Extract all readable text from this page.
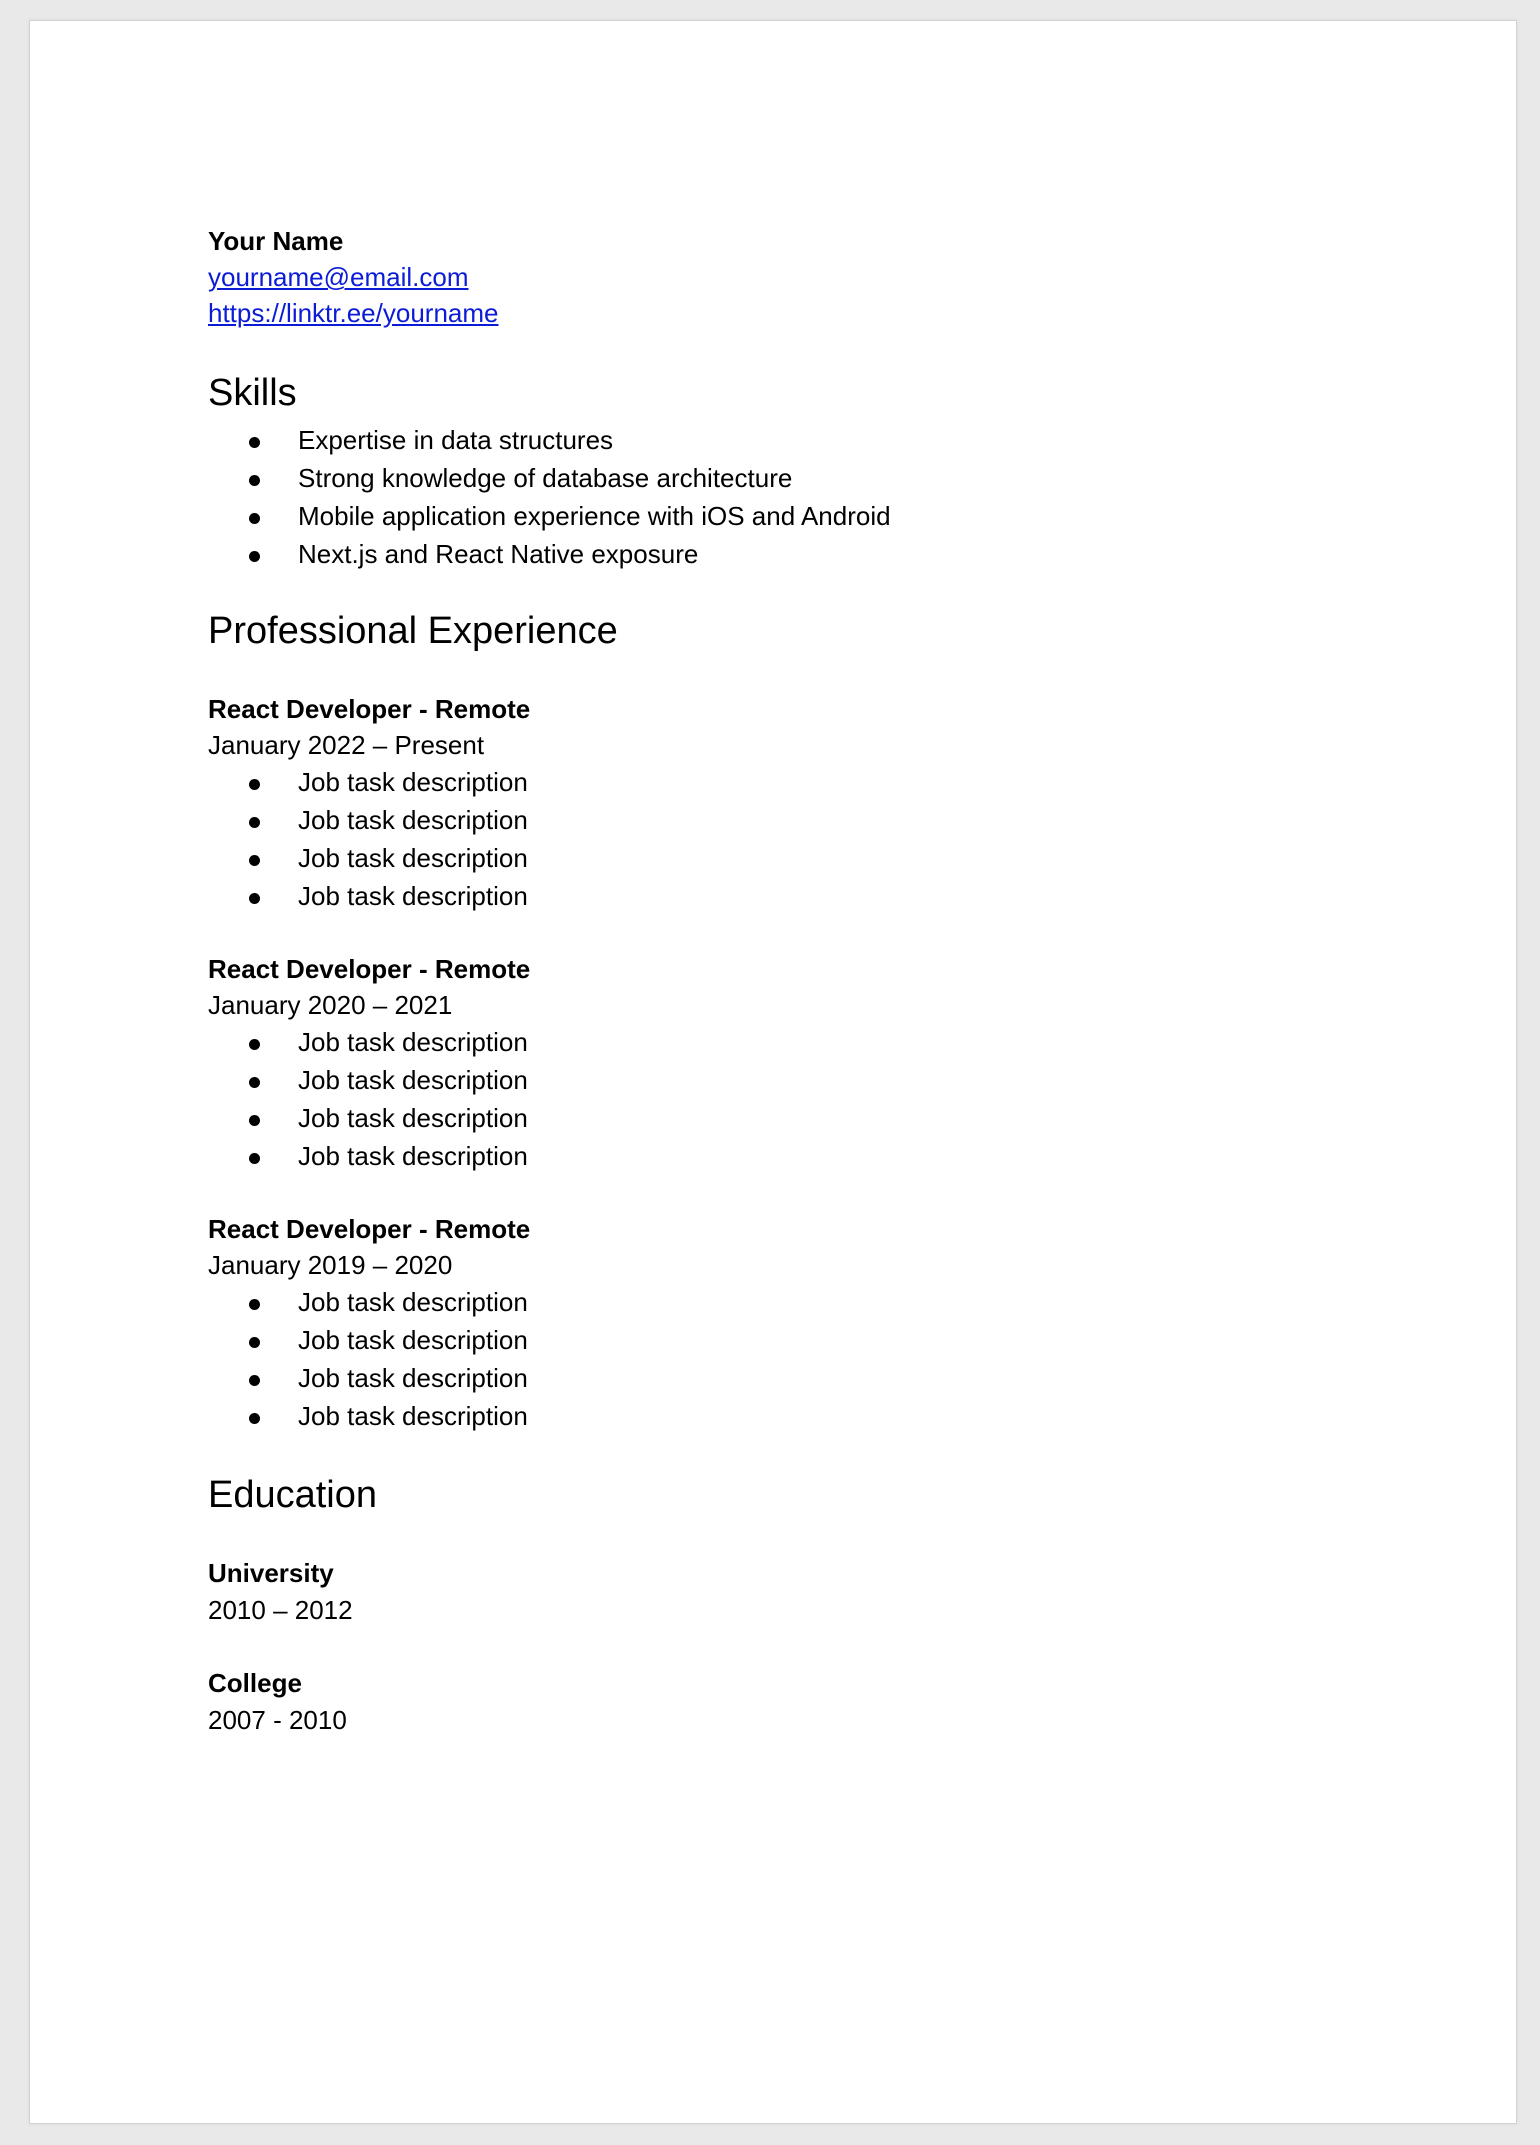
Your Name
yourname@email.com
https://linktr.ee/yourname
Skills
Expertise in data structures
Strong knowledge of database architecture
Mobile application experience with iOS and Android
Next.js and React Native exposure
Professional Experience
React Developer - Remote
January 2022 – Present
Job task description
Job task description
Job task description
Job task description
React Developer - Remote
January 2020 – 2021
Job task description
Job task description
Job task description
Job task description
React Developer - Remote
January 2019 – 2020
Job task description
Job task description
Job task description
Job task description
Education
University
2010 – 2012
College
2007 - 2010
